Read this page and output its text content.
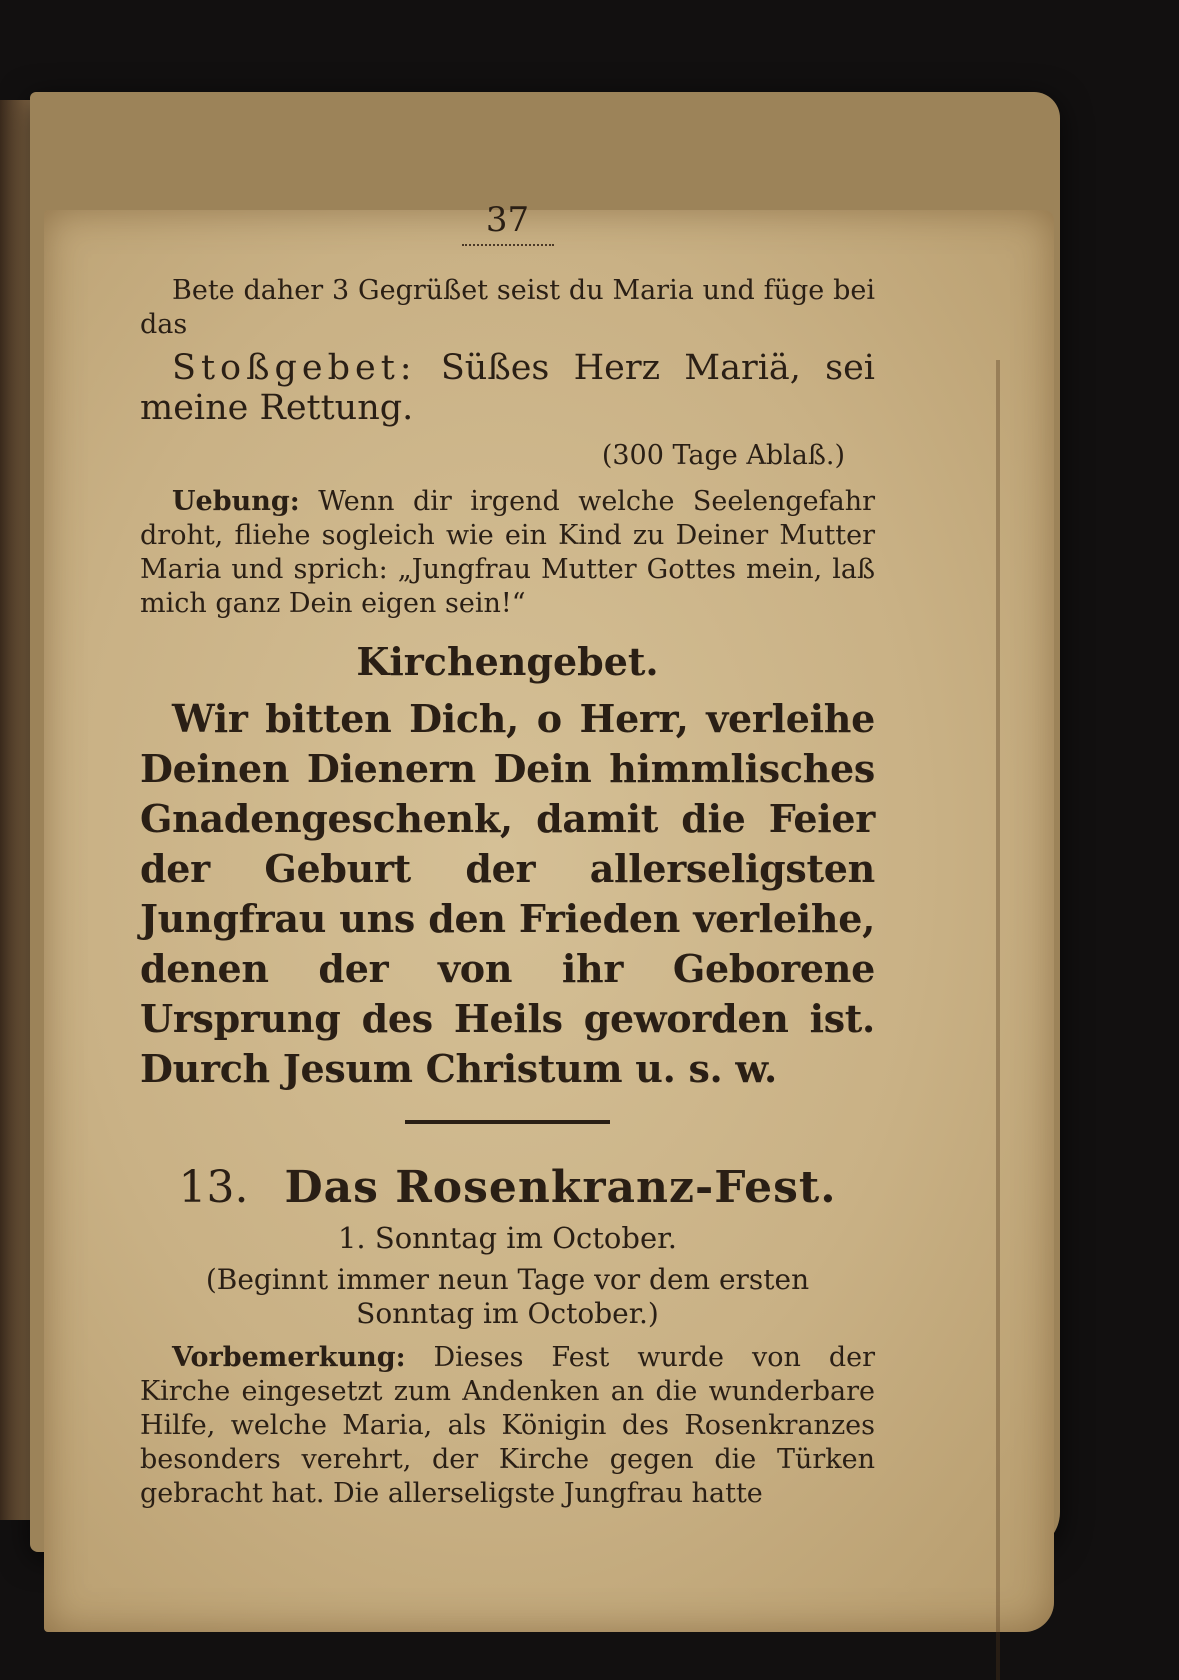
37

Bete daher 3 Gegrüßet seist du Maria und füge bei das

Stoßgebet: Süßes Herz Mariä, sei meine Rettung.

(300 Tage Ablaß.)

Uebung: Wenn dir irgend welche Seelengefahr droht, fliehe sogleich wie ein Kind zu Deiner Mutter Maria und sprich: „Jungfrau Mutter Gottes mein, laß mich ganz Dein eigen sein!“

Kirchengebet.

Wir bitten Dich, o Herr, verleihe Deinen Dienern Dein himmlisches Gnadengeschenk, damit die Feier der Geburt der allerseligsten Jungfrau uns den Frieden verleihe, denen der von ihr Geborene Ursprung des Heils geworden ist. Durch Jesum Christum u. s. w.

13. Das Rosenkranz-Fest.

1. Sonntag im October.

(Beginnt immer neun Tage vor dem ersten Sonntag im October.)

Vorbemerkung: Dieses Fest wurde von der Kirche eingesetzt zum Andenken an die wunderbare Hilfe, welche Maria, als Königin des Rosenkranzes besonders verehrt, der Kirche gegen die Türken gebracht hat. Die allerseligste Jungfrau hatte
